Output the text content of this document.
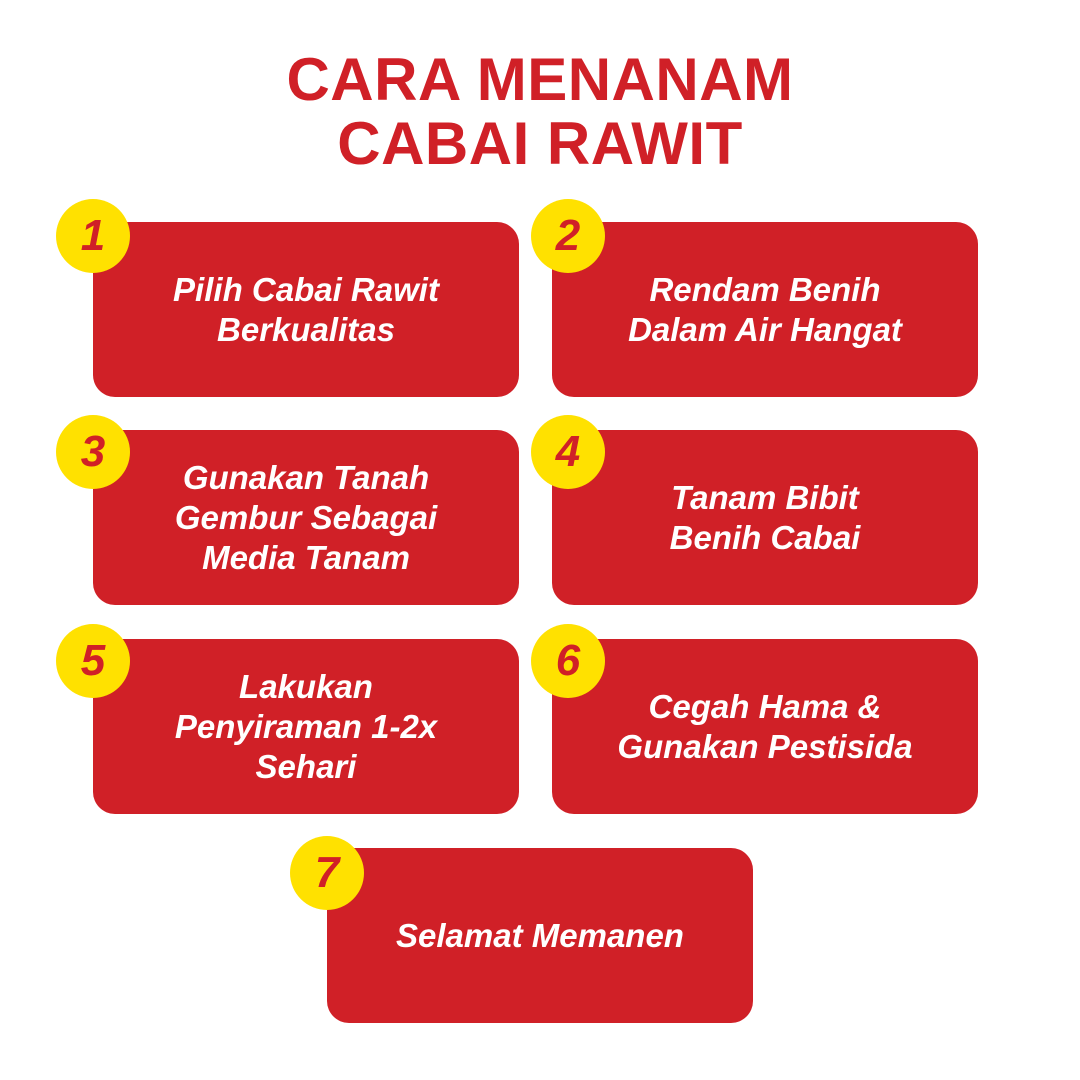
CARA MENANAM
CABAI RAWIT

Pilih Cabai Rawit
Berkualitas

1

Rendam Benih
Dalam Air Hangat

2

Gunakan Tanah
Gembur Sebagai
Media Tanam

3

Tanam Bibit
Benih Cabai

4

Lakukan
Penyiraman 1-2x
Sehari

5

Cegah Hama &
Gunakan Pestisida

6

Selamat Memanen

7
